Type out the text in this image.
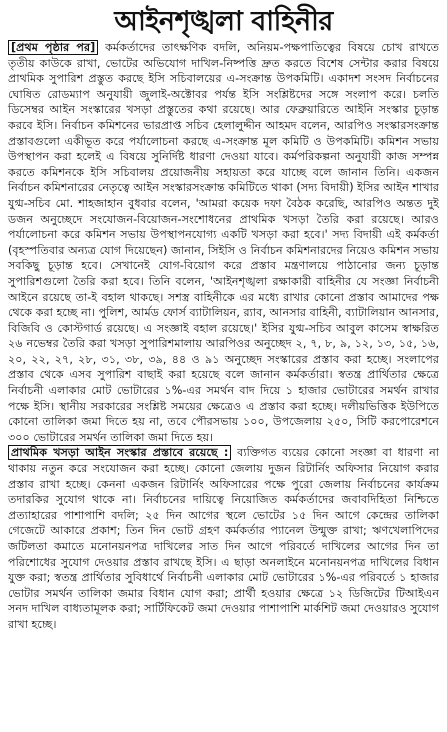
আইনশৃঙ্খলা বাহিনীর

[প্রথম পৃষ্ঠার পর] কর্মকর্তাদের তাৎক্ষণিক বদলি, অনিয়ম-পক্ষপাতিত্বের বিষয়ে চোখ রাখতে তৃতীয় কাউকে রাখা, ভোটের অভিযোগ দাখিল-নিষ্পত্তি দ্রুত করতে বিশেষ সেন্টার করার বিষয়ে প্রাথমিক সুপারিশ প্রস্তুত করছে ইসি সচিবালয়ের এ-সংক্রান্ত উপকমিটি। একাদশ সংসদ নির্বাচনের ঘোষিত রোডম্যাপ অনুযায়ী জুলাই-অক্টোবর পর্যন্ত ইসি সংশ্লিষ্টদের সঙ্গে সংলাপ করে। চলতি ডিসেম্বর আইন সংস্কারের খসড়া প্রস্তুতের কথা রয়েছে। আর ফেব্রুয়ারিতে আইনি সংস্কার চূড়ান্ত করবে ইসি। নির্বাচন কমিশনের ভারপ্রাপ্ত সচিব হেলালুদ্দীন আহমদ বলেন, আরপিও সংস্কারসংক্রান্ত প্রস্তাবগুলো একীভূত করে পর্যালোচনা করছে এ-সংক্রান্ত মূল কমিটি ও উপকমিটি। কমিশন সভায় উপস্থাপন করা হলেই এ বিষয়ে সুনির্দিষ্ট ধারণা দেওয়া যাবে। কর্মপরিকল্পনা অনুযায়ী কাজ সম্পন্ন করতে কমিশনকে ইসি সচিবালয় প্রয়োজনীয় সহায়তা করে যাচ্ছে বলে জানান তিনি। একজন নির্বাচন কমিশনারের নেতৃত্বে আইন সংস্কারসংক্রান্ত কমিটিতে থাকা (সদ্য বিদায়ী) ইসির আইন শাখার যুগ্ম-সচিব মো. শাহজাহান বুধবার বলেন, 'আমরা কয়েক দফা বৈঠক করেছি, আরপিও অন্তত দুই ডজন অনুচ্ছেদে সংযোজন-বিয়োজন-সংশোধনের প্রাথমিক খসড়া তৈরি করা রয়েছে। আরও পর্যালোচনা করে কমিশন সভায় উপস্থাপনযোগ্য একটি খসড়া করা হবে।' সদ্য বিদায়ী এই কর্মকর্তা (বৃহস্পতিবার অন্যত্র যোগ দিয়েছেন) জানান, সিইসি ও নির্বাচন কমিশনারদের নিয়েও কমিশন সভায় সবকিছু চূড়ান্ত হবে। সেখানেই যোগ-বিয়োগ করে প্রস্তাব মন্ত্রণালয়ে পাঠানোর জন্য চূড়ান্ত সুপারিশগুলো তৈরি করা হবে। তিনি বলেন, 'আইনশৃঙ্খলা রক্ষাকারী বাহিনীর যে সংজ্ঞা নির্বাচনী আইনে রয়েছে তা-ই বহাল থাকছে। সশস্ত্র বাহিনীকে এর মধ্যে রাখার কোনো প্রস্তাব আমাদের পক্ষ থেকে করা হচ্ছে না। পুলিশ, আর্মড ফোর্স ব্যাটালিয়ন, র‍্যাব, আনসার বাহিনী, ব্যাটালিয়ান আনসার, বিজিবি ও কোস্টগার্ড রয়েছে। এ সংজ্ঞাই বহাল রয়েছে।' ইসির যুগ্ম-সচিব আবুল কাসেম স্বাক্ষরিত ২৬ নভেম্বর তৈরি করা খসড়া সুপারিশমালায় আরপিওর অনুচ্ছেদ ২, ৭, ৮, ৯, ১২, ১৩, ১৫, ১৬, ২০, ২২, ২৭, ২৮, ৩১, ৩৮, ৩৯, ৪৪ ও ৯১ অনুচ্ছেদ সংস্কারের প্রস্তাব করা হচ্ছে। সংলাপের প্রস্তাব থেকে এসব সুপারিশ বাছাই করা হয়েছে বলে জানান কর্মকর্তারা। স্বতন্ত্র প্রার্থিতার ক্ষেত্রে নির্বাচনী এলাকার মোট ভোটারের ১%-এর সমর্থন বাদ দিয়ে ১ হাজার ভোটারের সমর্থন রাখার পক্ষে ইসি। স্থানীয় সরকারের সংশ্লিষ্ট সময়ের ক্ষেত্রেও এ প্রস্তাব করা হচ্ছে। দলীয়ভিত্তিক ইউপিতে কোনো তালিকা জমা দিতে হয় না, তবে পৌরসভায় ১০০, উপজেলায় ২৫০, সিটি করপোরেশনে ৩০০ ভোটারের সমর্থন তালিকা জমা দিতে হয়।

প্রাথমিক খসড়া আইন সংস্কার প্রস্তাবে রয়েছে : ব্যক্তিগত ব্যয়ের কোনো সংজ্ঞা বা ধারণা না থাকায় নতুন করে সংযোজন করা হচ্ছে। কোনো জেলায় দুজন রিটার্নিং অফিসার নিয়োগ করার প্রস্তাব রাখা হচ্ছে। কেননা একজন রিটার্নিং অফিসারের পক্ষে পুরো জেলায় নির্বাচনের কার্যক্রম তদারকির সুযোগ থাকে না। নির্বাচনের দায়িত্বে নিয়োজিত কর্মকর্তাদের জবাবদিহিতা নিশ্চিতে প্রত্যাহারের পাশাপাশি বদলি; ২৫ দিন আগের স্থলে ভোটের ১৫ দিন আগে কেন্দ্রের তালিকা গেজেটে আকারে প্রকাশ; তিন দিন ভোট গ্রহণ কর্মকর্তার প্যানেল উন্মুক্ত রাখা; ঋণখেলাপিদের জটিলতা কমাতে মনোনয়নপত্র দাখিলের সাত দিন আগে পরিবর্তে দাখিলের আগের দিন তা পরিশোধের সুযোগ দেওয়ার প্রস্তাব রাখছে ইসি। এ ছাড়া অনলাইনে মনোনয়নপত্র দাখিলের বিধান যুক্ত করা; স্বতন্ত্র প্রার্থিতার সুবিধার্থে নির্বাচনী এলাকার মোট ভোটারের ১%-এর পরিবর্তে ১ হাজার ভোটার সমর্থন তালিকা জমার বিধান যোগ করা; প্রার্থী হওয়ার ক্ষেত্রে ১২ ডিজিটের টিআইএন সনদ দাখিল বাধ্যতামূলক করা; সার্টিফিকেট জমা দেওয়ার পাশাপাশি মার্কশিট জমা দেওয়ারও সুযোগ রাখা হচ্ছে।
